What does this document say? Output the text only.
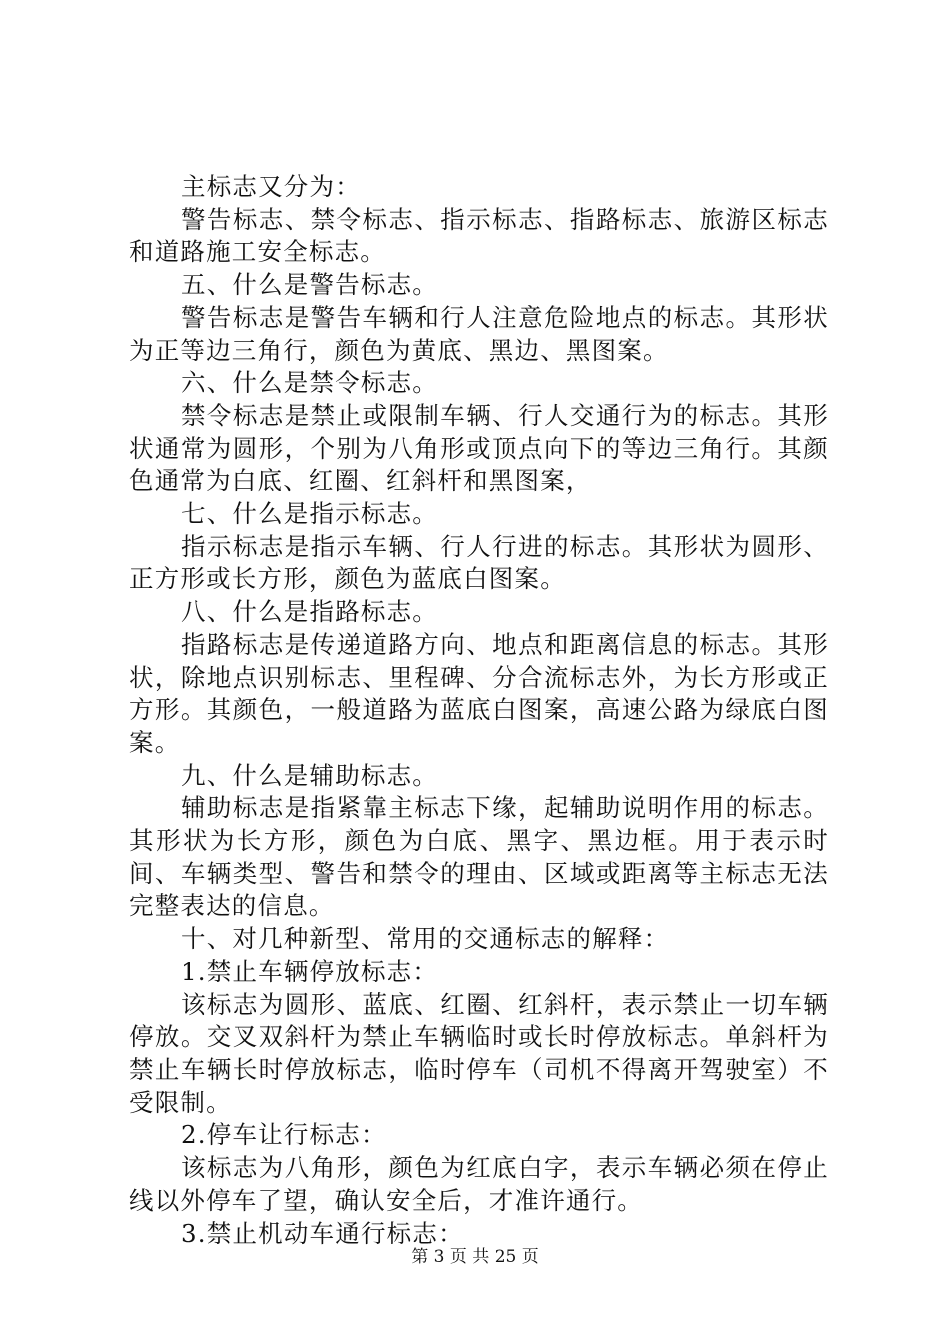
主标志又分为：

警告标志、禁令标志、指示标志、指路标志、旅游区标志和道路施工安全标志。

五、什么是警告标志。

警告标志是警告车辆和行人注意危险地点的标志。其形状为正等边三角行，颜色为黄底、黑边、黑图案。

六、什么是禁令标志。

禁令标志是禁止或限制车辆、行人交通行为的标志。其形状通常为圆形，个别为八角形或顶点向下的等边三角行。其颜色通常为白底、红圈、红斜杆和黑图案，

七、什么是指示标志。

指示标志是指示车辆、行人行进的标志。其形状为圆形、正方形或长方形，颜色为蓝底白图案。

八、什么是指路标志。

指路标志是传递道路方向、地点和距离信息的标志。其形状，除地点识别标志、里程碑、分合流标志外，为长方形或正方形。其颜色，一般道路为蓝底白图案，高速公路为绿底白图案。

九、什么是辅助标志。

辅助标志是指紧靠主标志下缘，起辅助说明作用的标志。其形状为长方形，颜色为白底、黑字、黑边框。用于表示时间、车辆类型、警告和禁令的理由、区域或距离等主标志无法完整表达的信息。

十、对几种新型、常用的交通标志的解释：

1.禁止车辆停放标志：

该标志为圆形、蓝底、红圈、红斜杆，表示禁止一切车辆停放。交叉双斜杆为禁止车辆临时或长时停放标志。单斜杆为禁止车辆长时停放标志，临时停车（司机不得离开驾驶室）不受限制。

2.停车让行标志：

该标志为八角形，颜色为红底白字，表示车辆必须在停止线以外停车了望，确认安全后，才准许通行。

3.禁止机动车通行标志：

第 3 页 共 25 页
